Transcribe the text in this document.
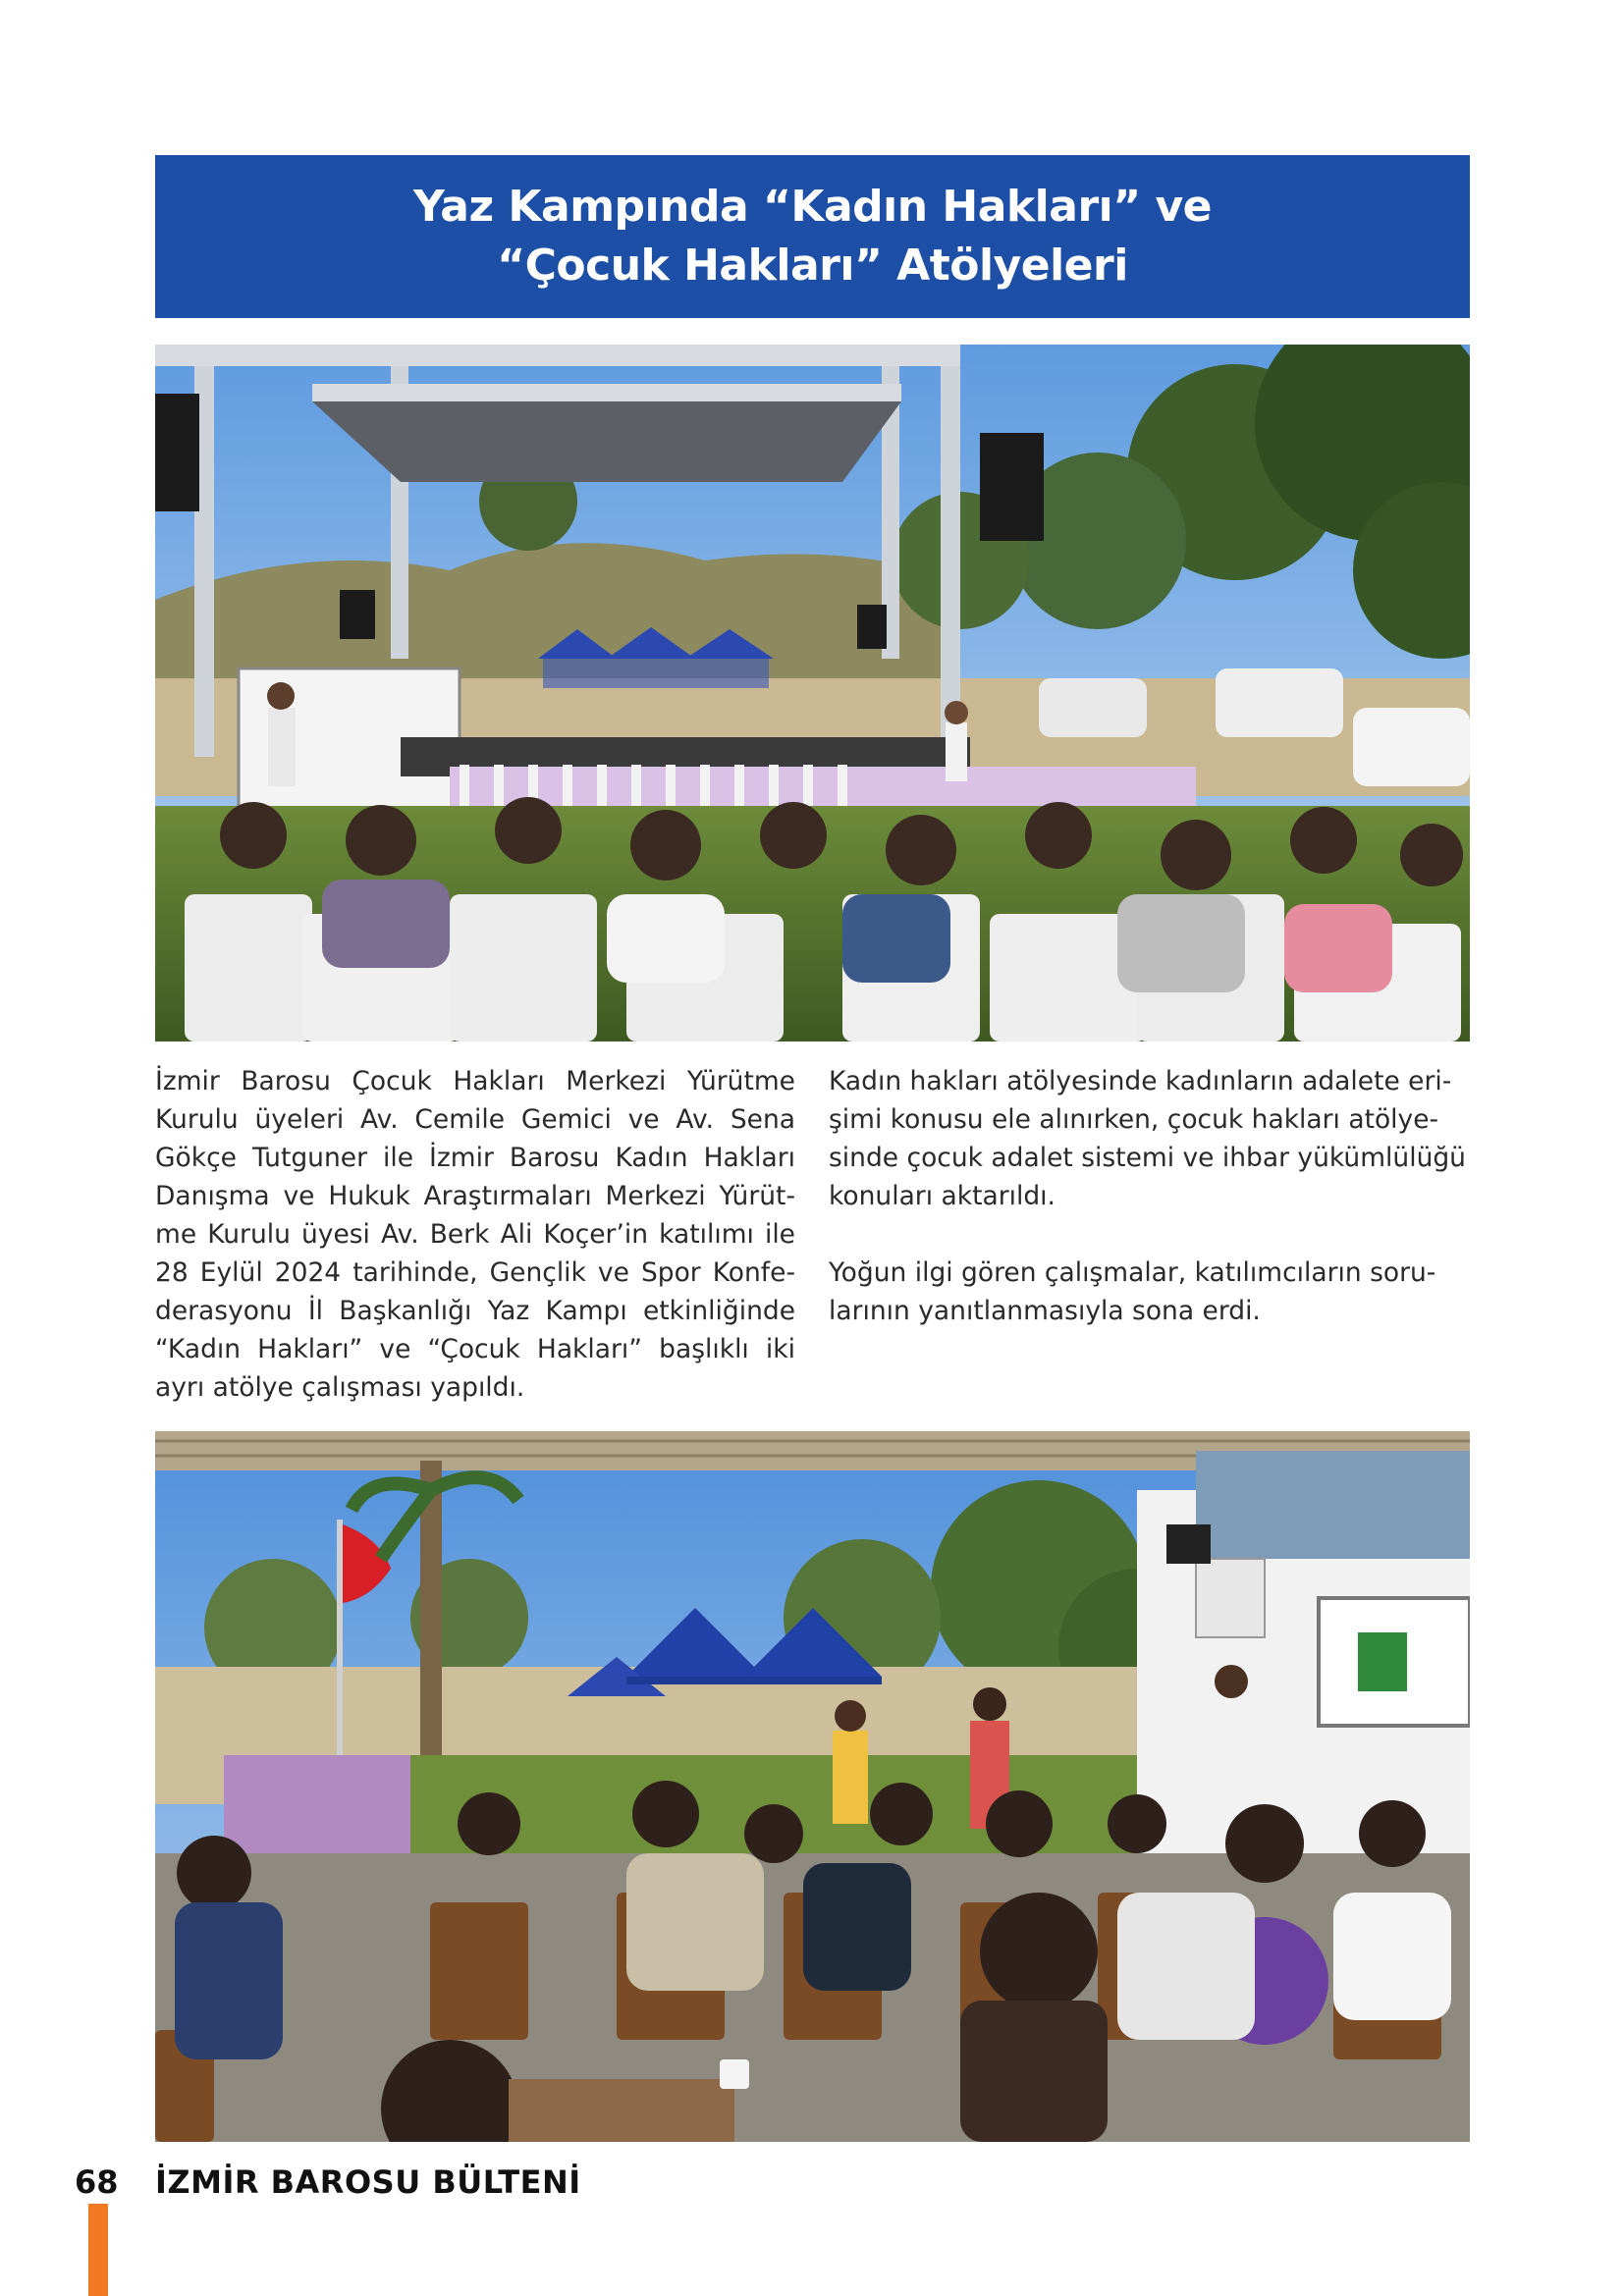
Yaz Kampında “Kadın Hakları” ve
“Çocuk Hakları” Atölyeleri

İzmir Barosu Çocuk Hakları Merkezi Yürütme Kurulu üyeleri Av. Cemile Gemici ve Av. Sena Gökçe Tutguner ile İzmir Barosu Kadın Hakları Danışma ve Hukuk Araştırmaları Merkezi Yürütme Kurulu üyesi Av. Berk Ali Koçer’in katılımı ile 28 Eylül 2024 tarihinde, Gençlik ve Spor Konfederasyonu İl Başkanlığı Yaz Kampı etkinliğinde “Kadın Hakları” ve “Çocuk Hakları” başlıklı iki ayrı atölye çalışması yapıldı.

Kadın hakları atölyesinde kadınların adalete erişimi konusu ele alınırken, çocuk hakları atölyesinde çocuk adalet sistemi ve ihbar yükümlülüğü konuları aktarıldı.

Yoğun ilgi gören çalışmalar, katılımcıların sorularının yanıtlanmasıyla sona erdi.

68 İZMİR BAROSU BÜLTENİ
